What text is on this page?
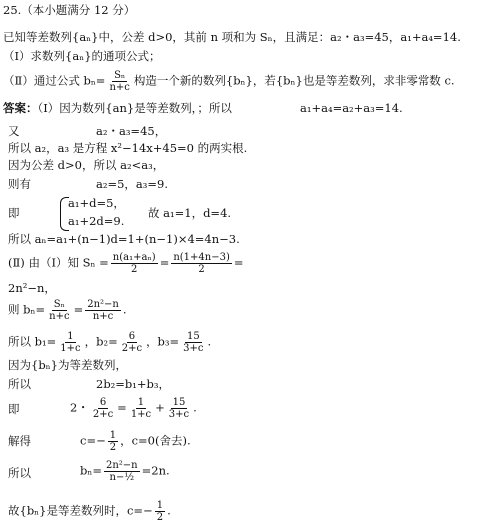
25.（本小题满分 12 分）
已知等差数列{aₙ}中，公差 d>0，其前 n 项和为 Sₙ，且满足：a₂・a₃=45，a₁+a₄=14.
（Ⅰ）求数列{aₙ}的通项公式；
（Ⅱ）通过公式 $b_n= \frac{\text{Sₙ}}{n+c}$ 构造一个新的数列{bₙ}，若{bₙ}也是等差数列，求非零常数 c.
答案：（Ⅰ）因为数列{an}是等差数列，；所以	a₁+a₄=a₂+a₃=14.
又	a₂・a₃=45，
所以 a₂，a₃ 是方程 x²−14x+45=0 的两实根.
因为公差 d>0，所以 a₂<a₃，
则有	a₂=5，a₃=9.
即
a₁+d=5，
a₁+2d=9.
故 a₁=1，d=4.
所以 aₙ=a₁+(n−1)d=1+(n−1)×4=4n−3.
(Ⅱ) 由（Ⅰ）知 $S_n = \frac{\text{n(a₁+aₙ)}}{2} = \frac{n(1+4n-3)}{2}$ =
2n²−n，
则 $b_n= \frac{\text{Sₙ}}{n+c} = \frac{\text{2n²−n}}{n+c}$ .
所以 $b_1= \frac{1}{1+c}$ ，$b_2= \frac{6}{2+c}$ ，$b_3= \frac{15}{3+c}$ .
因为{bₙ}为等差数列，
所以	2b₂=b₁+b₃，
即	2・ $\frac{6}{2+c} = \frac{1}{1+c} + \frac{15}{3+c}$ .
解得	$c=- \frac{1}{2}$ ，c=0(舍去).
所以	$b_n= \frac{\text{2n²−n}}{\text{n−½}} =2n$.
故{bₙ}是等差数列时，$c=- \frac{1}{2}$ .
